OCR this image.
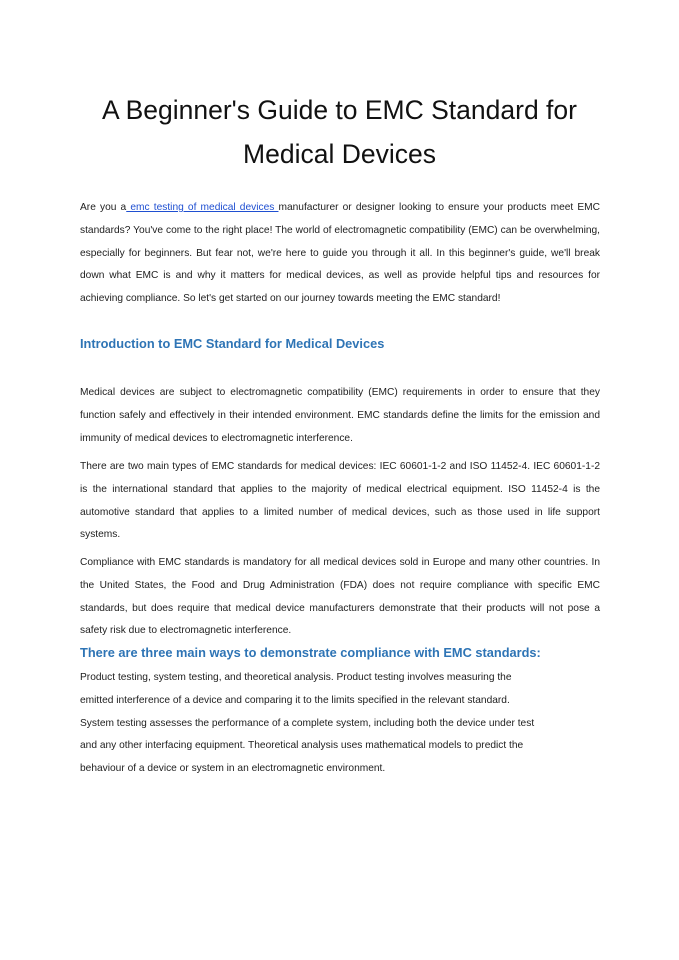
A Beginner's Guide to EMC Standard for
Medical Devices

Are you a emc testing of medical devices manufacturer or designer looking to ensure your products meet EMC standards? You've come to the right place! The world of electromagnetic compatibility (EMC) can be overwhelming, especially for beginners. But fear not, we're here to guide you through it all. In this beginner's guide, we'll break down what EMC is and why it matters for medical devices, as well as provide helpful tips and resources for achieving compliance. So let's get started on our journey towards meeting the EMC standard!

Introduction to EMC Standard for Medical Devices

Medical devices are subject to electromagnetic compatibility (EMC) requirements in order to ensure that they function safely and effectively in their intended environment. EMC standards define the limits for the emission and immunity of medical devices to electromagnetic interference.

There are two main types of EMC standards for medical devices: IEC 60601-1-2 and ISO 11452-4. IEC 60601-1-2 is the international standard that applies to the majority of medical electrical equipment. ISO 11452-4 is the automotive standard that applies to a limited number of medical devices, such as those used in life support systems.

Compliance with EMC standards is mandatory for all medical devices sold in Europe and many other countries. In the United States, the Food and Drug Administration (FDA) does not require compliance with specific EMC standards, but does require that medical device manufacturers demonstrate that their products will not pose a safety risk due to electromagnetic interference.

There are three main ways to demonstrate compliance with EMC standards:
Product testing, system testing, and theoretical analysis. Product testing involves measuring the
emitted interference of a device and comparing it to the limits specified in the relevant standard.
System testing assesses the performance of a complete system, including both the device under test
and any other interfacing equipment. Theoretical analysis uses mathematical models to predict the
behaviour of a device or system in an electromagnetic environment.
